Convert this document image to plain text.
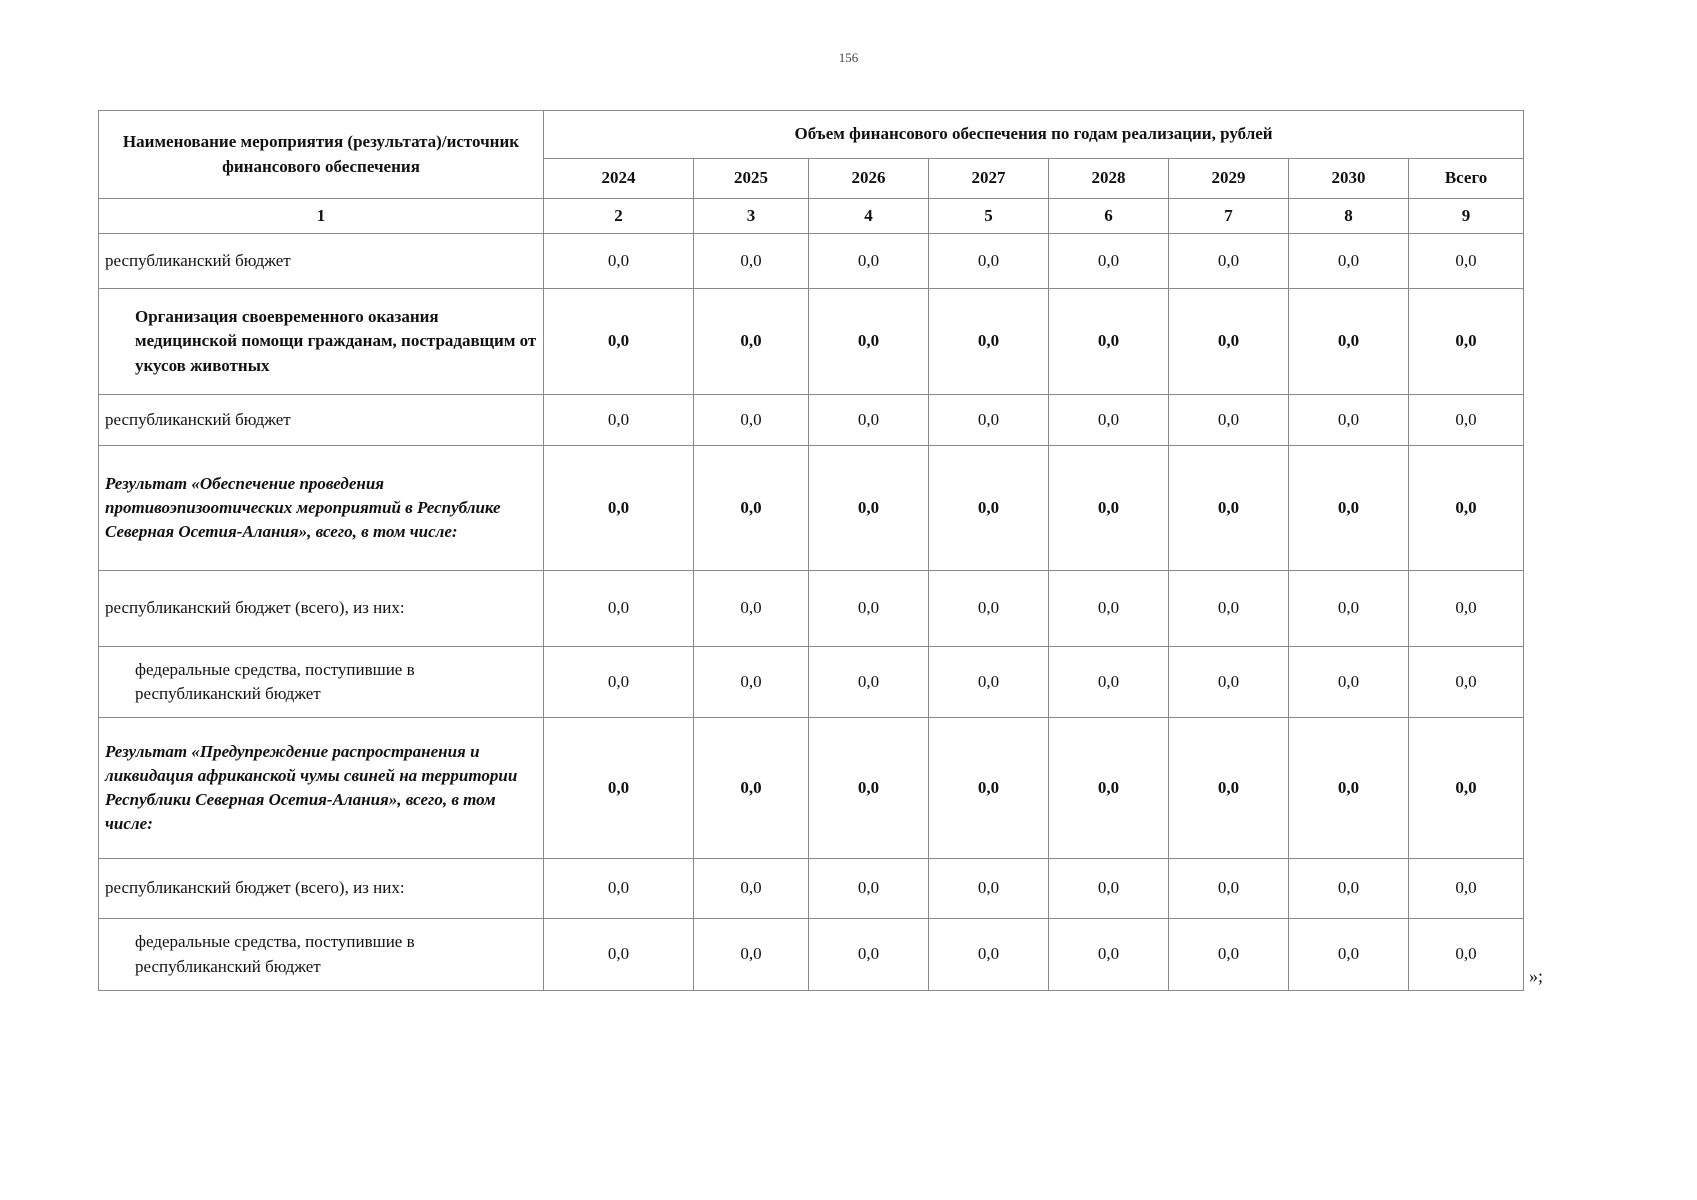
156
Наименование мероприятия (результата)/источник финансового обеспечения	Объем финансового обеспечения по годам реализации, рублей							
	2024	2025	2026	2027	2028	2029	2030	Всего
1	2	3	4	5	6	7	8	9
республиканский бюджет	0,0	0,0	0,0	0,0	0,0	0,0	0,0	0,0
Организация своевременного оказания медицинской помощи гражданам, пострадавщим от укусов животных	0,0	0,0	0,0	0,0	0,0	0,0	0,0	0,0
республиканский бюджет	0,0	0,0	0,0	0,0	0,0	0,0	0,0	0,0
Результат «Обеспечение проведения противоэпизоотических мероприятий в Республике Северная Осетия-Алания», всего, в том числе:	0,0	0,0	0,0	0,0	0,0	0,0	0,0	0,0
республиканский бюджет (всего), из них:	0,0	0,0	0,0	0,0	0,0	0,0	0,0	0,0
федеральные средства, поступившие в республиканский бюджет	0,0	0,0	0,0	0,0	0,0	0,0	0,0	0,0
Результат «Предупреждение распространения и ликвидация африканской чумы свиней на территории Республики Северная Осетия-Алания», всего, в том числе:	0,0	0,0	0,0	0,0	0,0	0,0	0,0	0,0
республиканский бюджет (всего), из них:	0,0	0,0	0,0	0,0	0,0	0,0	0,0	0,0
федеральные средства, поступившие в республиканский бюджет	0,0	0,0	0,0	0,0	0,0	0,0	0,0	0,0
»;
